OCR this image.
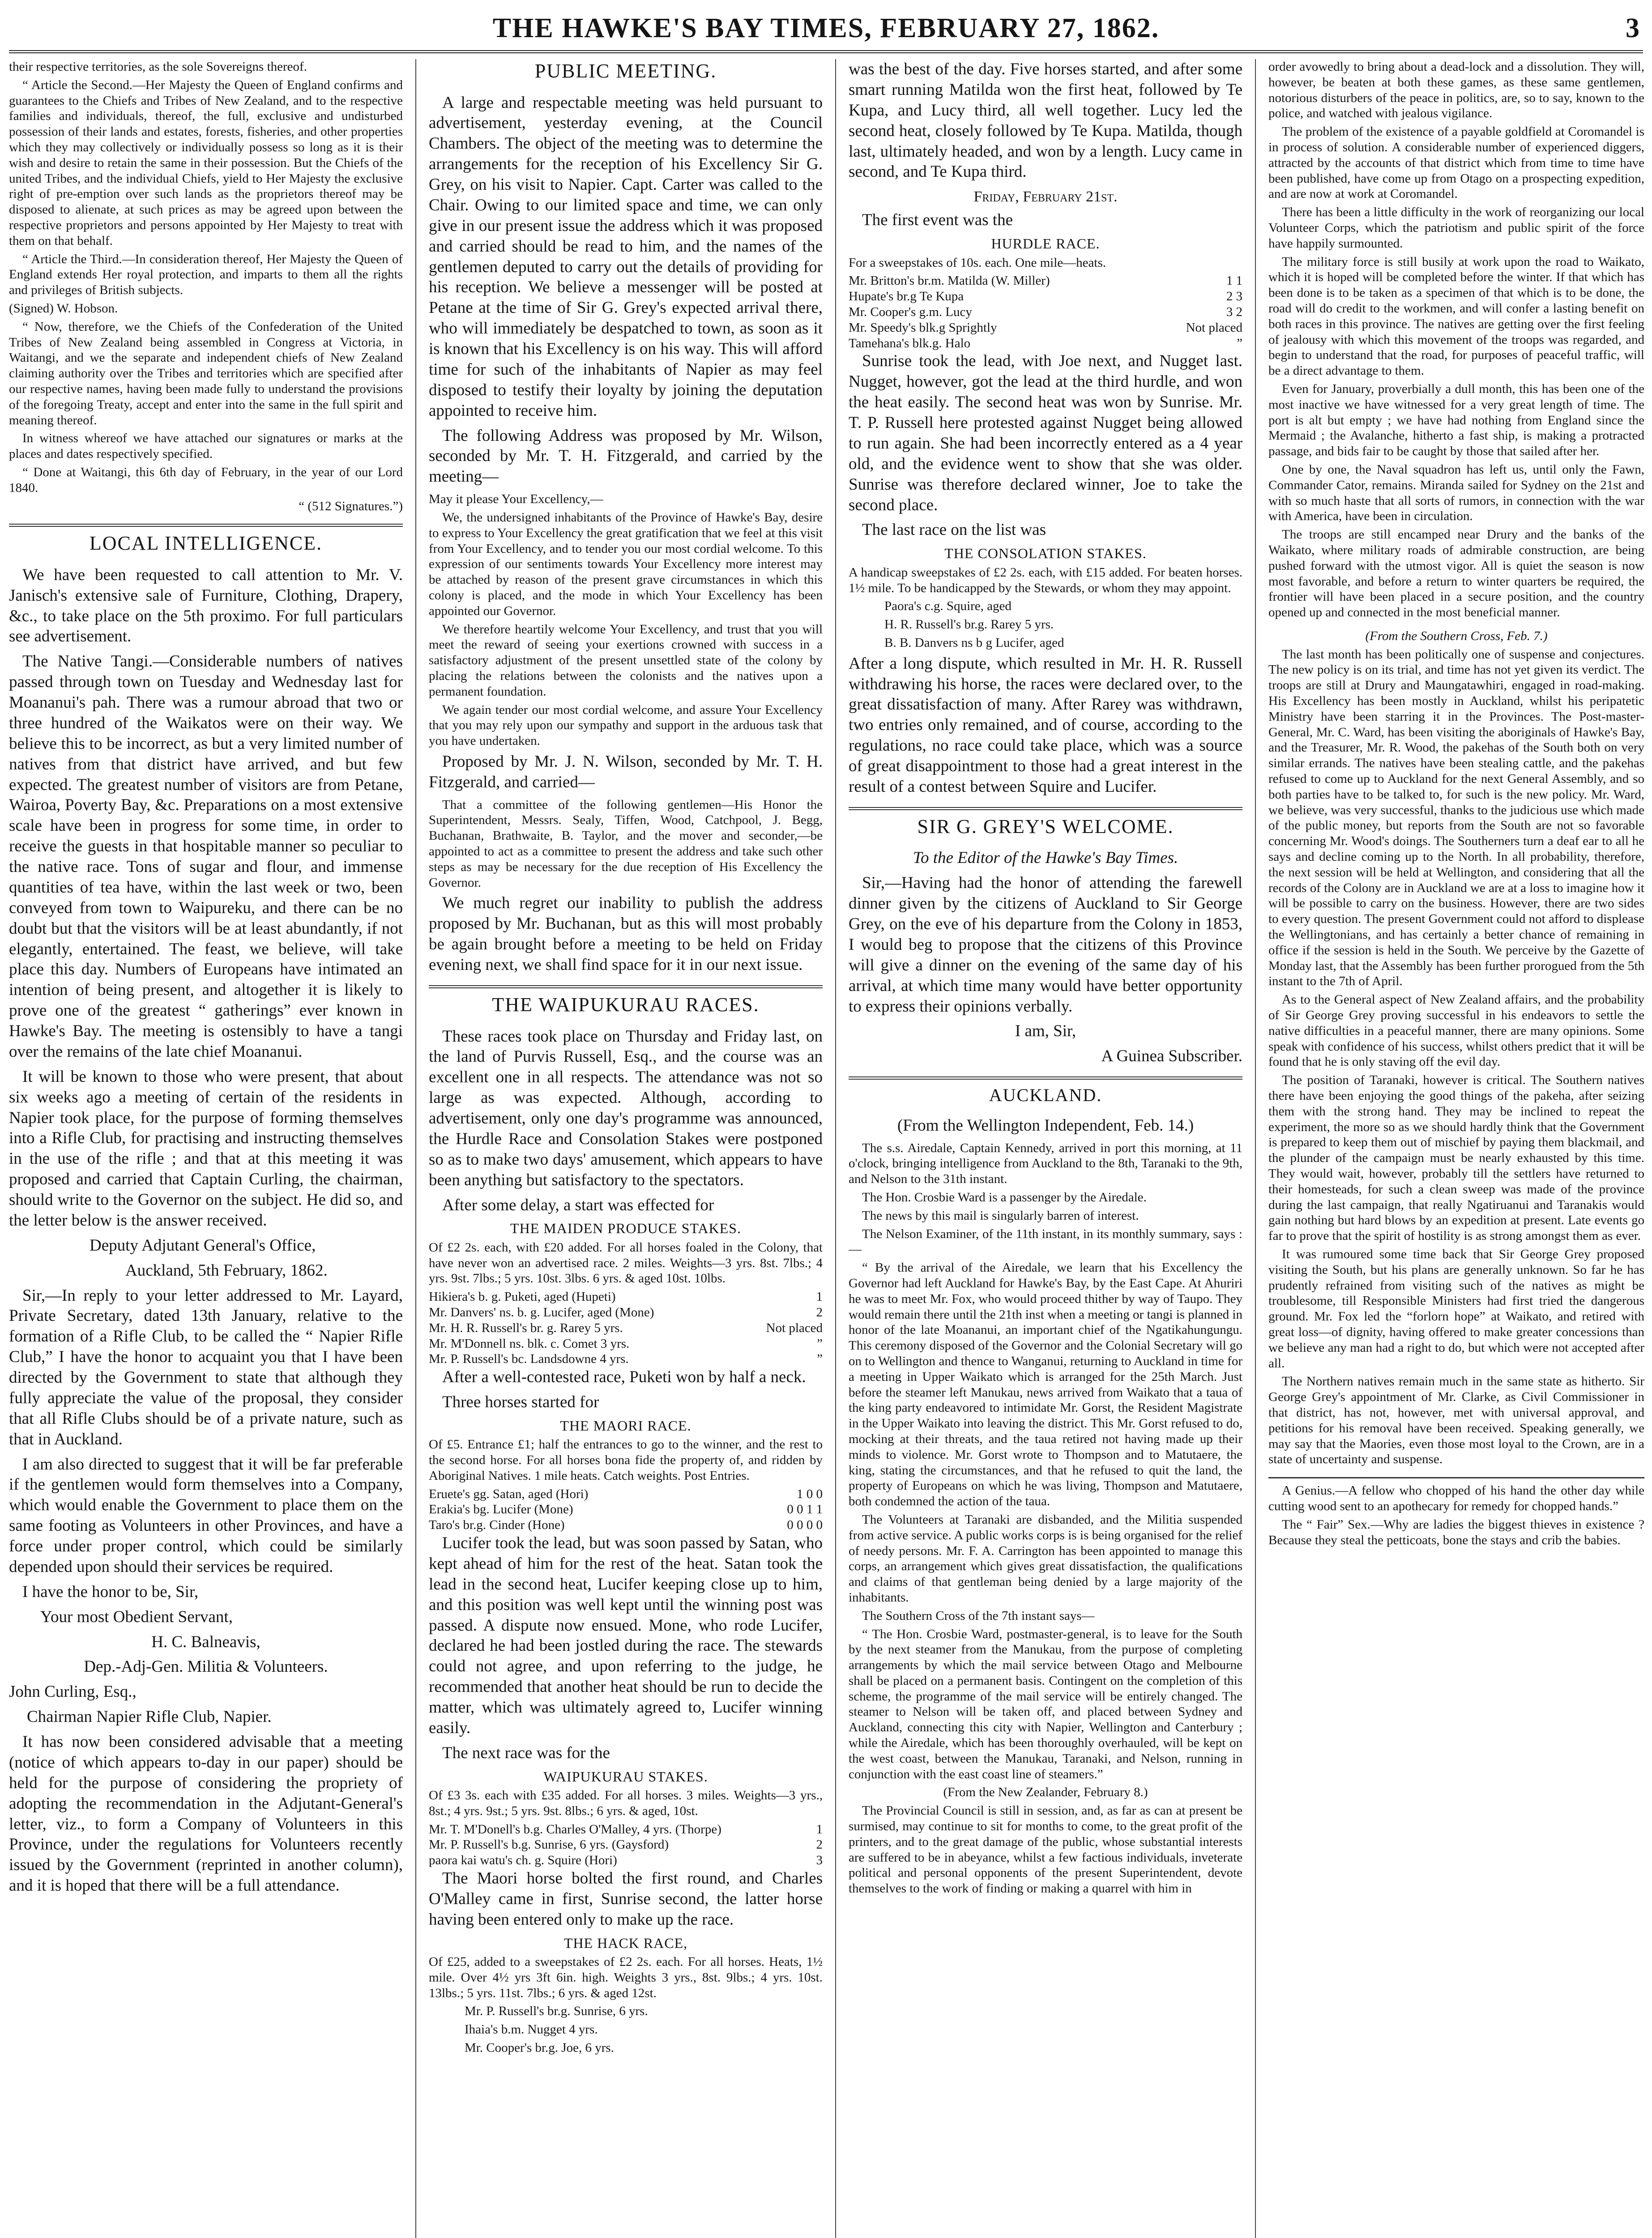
THE HAWKE'S BAY TIMES, FEBRUARY 27, 1862.	3

their respective territories, as the sole Sovereigns thereof.

“ Article the Second.—Her Majesty the Queen of England confirms and guarantees to the Chiefs and Tribes of New Zealand, and to the respective families and individuals, thereof, the full, exclusive and undisturbed possession of their lands and estates, forests, fisheries, and other properties which they may collectively or individually possess so long as it is their wish and desire to retain the same in their possession. But the Chiefs of the united Tribes, and the individual Chiefs, yield to Her Majesty the exclusive right of pre-emption over such lands as the proprietors thereof may be disposed to alienate, at such prices as may be agreed upon between the respective proprietors and persons appointed by Her Majesty to treat with them on that behalf.

“ Article the Third.—In consideration thereof, Her Majesty the Queen of England extends Her royal protection, and imparts to them all the rights and privileges of British subjects.

(Signed) W. Hobson.

“ Now, therefore, we the Chiefs of the Confederation of the United Tribes of New Zealand being assembled in Congress at Victoria, in Waitangi, and we the separate and independent chiefs of New Zealand claiming authority over the Tribes and territories which are specified after our respective names, having been made fully to understand the provisions of the foregoing Treaty, accept and enter into the same in the full spirit and meaning thereof.

In witness whereof we have attached our signatures or marks at the places and dates respectively specified.

“ Done at Waitangi, this 6th day of February, in the year of our Lord 1840.

“ (512 Signatures.”)

LOCAL INTELLIGENCE.

We have been requested to call attention to Mr. V. Janisch's extensive sale of Furniture, Clothing, Drapery, &c., to take place on the 5th proximo. For full particulars see advertisement.

The Native Tangi.—Considerable numbers of natives passed through town on Tuesday and Wednesday last for Moananui's pah. There was a rumour abroad that two or three hundred of the Waikatos were on their way. We believe this to be incorrect, as but a very limited number of natives from that district have arrived, and but few expected. The greatest number of visitors are from Petane, Wairoa, Poverty Bay, &c. Preparations on a most extensive scale have been in progress for some time, in order to receive the guests in that hospitable manner so peculiar to the native race. Tons of sugar and flour, and immense quantities of tea have, within the last week or two, been conveyed from town to Waipureku, and there can be no doubt but that the visitors will be at least abundantly, if not elegantly, entertained. The feast, we believe, will take place this day. Numbers of Europeans have intimated an intention of being present, and altogether it is likely to prove one of the greatest “ gatherings” ever known in Hawke's Bay. The meeting is ostensibly to have a tangi over the remains of the late chief Moananui.

It will be known to those who were present, that about six weeks ago a meeting of certain of the residents in Napier took place, for the purpose of forming themselves into a Rifle Club, for practising and instructing themselves in the use of the rifle ; and that at this meeting it was proposed and carried that Captain Curling, the chairman, should write to the Governor on the subject. He did so, and the letter below is the answer received.

Deputy Adjutant General's Office,

Auckland, 5th February, 1862.

Sir,—In reply to your letter addressed to Mr. Layard, Private Secretary, dated 13th January, relative to the formation of a Rifle Club, to be called the “ Napier Rifle Club,” I have the honor to acquaint you that I have been directed by the Government to state that although they fully appreciate the value of the proposal, they consider that all Rifle Clubs should be of a private nature, such as that in Auckland.

I am also directed to suggest that it will be far preferable if the gentlemen would form themselves into a Company, which would enable the Government to place them on the same footing as Volunteers in other Provinces, and have a force under proper control, which could be similarly depended upon should their services be required.

I have the honor to be, Sir,

Your most Obedient Servant,

H. C. Balneavis,

Dep.-Adj-Gen. Militia & Volunteers.

John Curling, Esq.,

Chairman Napier Rifle Club, Napier.

It has now been considered advisable that a meeting (notice of which appears to-day in our paper) should be held for the purpose of considering the propriety of adopting the recommendation in the Adjutant-General's letter, viz., to form a Company of Volunteers in this Province, under the regulations for Volunteers recently issued by the Government (reprinted in another column), and it is hoped that there will be a full attendance.

PUBLIC MEETING.

A large and respectable meeting was held pursuant to advertisement, yesterday evening, at the Council Chambers. The object of the meeting was to determine the arrangements for the reception of his Excellency Sir G. Grey, on his visit to Napier. Capt. Carter was called to the Chair. Owing to our limited space and time, we can only give in our present issue the address which it was proposed and carried should be read to him, and the names of the gentlemen deputed to carry out the details of providing for his reception. We believe a messenger will be posted at Petane at the time of Sir G. Grey's expected arrival there, who will immediately be despatched to town, as soon as it is known that his Excellency is on his way. This will afford time for such of the inhabitants of Napier as may feel disposed to testify their loyalty by joining the deputation appointed to receive him.

The following Address was proposed by Mr. Wilson, seconded by Mr. T. H. Fitzgerald, and carried by the meeting—

May it please Your Excellency,—

We, the undersigned inhabitants of the Province of Hawke's Bay, desire to express to Your Excellency the great gratification that we feel at this visit from Your Excellency, and to tender you our most cordial welcome. To this expression of our sentiments towards Your Excellency more interest may be attached by reason of the present grave circumstances in which this colony is placed, and the mode in which Your Excellency has been appointed our Governor.

We therefore heartily welcome Your Excellency, and trust that you will meet the reward of seeing your exertions crowned with success in a satisfactory adjustment of the present unsettled state of the colony by placing the relations between the colonists and the natives upon a permanent foundation.

We again tender our most cordial welcome, and assure Your Excellency that you may rely upon our sympathy and support in the arduous task that you have undertaken.

Proposed by Mr. J. N. Wilson, seconded by Mr. T. H. Fitzgerald, and carried—

That a committee of the following gentlemen—His Honor the Superintendent, Messrs. Sealy, Tiffen, Wood, Catchpool, J. Begg, Buchanan, Brathwaite, B. Taylor, and the mover and seconder,—be appointed to act as a committee to present the address and take such other steps as may be necessary for the due reception of His Excellency the Governor.

We much regret our inability to publish the address proposed by Mr. Buchanan, but as this will most probably be again brought before a meeting to be held on Friday evening next, we shall find space for it in our next issue.

THE WAIPUKURAU RACES.

These races took place on Thursday and Friday last, on the land of Purvis Russell, Esq., and the course was an excellent one in all respects. The attendance was not so large as was expected. Although, according to advertisement, only one day's programme was announced, the Hurdle Race and Consolation Stakes were postponed so as to make two days' amusement, which appears to have been anything but satisfactory to the spectators.

After some delay, a start was effected for

THE MAIDEN PRODUCE STAKES.

Of £2 2s. each, with £20 added. For all horses foaled in the Colony, that have never won an advertised race. 2 miles. Weights—3 yrs. 8st. 7lbs.; 4 yrs. 9st. 7lbs.; 5 yrs. 10st. 3lbs. 6 yrs. & aged 10st. 10lbs.

Hikiera's b. g. Puketi, aged (Hupeti)	1
Mr. Danvers' ns. b. g. Lucifer, aged (Mone)	2
Mr. H. R. Russell's br. g. Rarey 5 yrs.	Not placed
Mr. M'Donnell ns. blk. c. Comet 3 yrs.	”
Mr. P. Russell's bc. Landsdowne 4 yrs.	”

After a well-contested race, Puketi won by half a neck.

Three horses started for

THE MAORI RACE.

Of £5. Entrance £1; half the entrances to go to the winner, and the rest to the second horse. For all horses bona fide the property of, and ridden by Aboriginal Natives. 1 mile heats. Catch weights. Post Entries.

Eruete's gg. Satan, aged (Hori)	1 0 0
Erakia's bg. Lucifer (Mone)	0 0 1 1
Taro's br.g. Cinder (Hone)	0 0 0 0

Lucifer took the lead, but was soon passed by Satan, who kept ahead of him for the rest of the heat. Satan took the lead in the second heat, Lucifer keeping close up to him, and this position was well kept until the winning post was passed. A dispute now ensued. Mone, who rode Lucifer, declared he had been jostled during the race. The stewards could not agree, and upon referring to the judge, he recommended that another heat should be run to decide the matter, which was ultimately agreed to, Lucifer winning easily.

The next race was for the

WAIPUKURAU STAKES.

Of £3 3s. each with £35 added. For all horses. 3 miles. Weights—3 yrs., 8st.; 4 yrs. 9st.; 5 yrs. 9st. 8lbs.; 6 yrs. & aged, 10st.

Mr. T. M'Donell's b.g. Charles O'Malley, 4 yrs. (Thorpe)	1
Mr. P. Russell's b.g. Sunrise, 6 yrs. (Gaysford)	2
paora kai watu's ch. g. Squire (Hori)	3

The Maori horse bolted the first round, and Charles O'Malley came in first, Sunrise second, the latter horse having been entered only to make up the race.

THE HACK RACE,

Of £25, added to a sweepstakes of £2 2s. each. For all horses. Heats, 1½ mile. Over 4½ yrs 3ft 6in. high. Weights 3 yrs., 8st. 9lbs.; 4 yrs. 10st. 13lbs.; 5 yrs. 11st. 7lbs.; 6 yrs. & aged 12st.

Mr. P. Russell's br.g. Sunrise, 6 yrs.

Ihaia's b.m. Nugget 4 yrs.

Mr. Cooper's br.g. Joe, 6 yrs.

was the best of the day. Five horses started, and after some smart running Matilda won the first heat, followed by Te Kupa, and Lucy third, all well together. Lucy led the second heat, closely followed by Te Kupa. Matilda, though last, ultimately headed, and won by a length. Lucy came in second, and Te Kupa third.

Friday, February 21st.

The first event was the

HURDLE RACE.

For a sweepstakes of 10s. each. One mile—heats.

Mr. Britton's br.m. Matilda (W. Miller)	1 1
Hupate's br.g Te Kupa	2 3
Mr. Cooper's g.m. Lucy	3 2
Mr. Speedy's blk.g Sprightly	Not placed
Tamehana's blk.g. Halo	”

Sunrise took the lead, with Joe next, and Nugget last. Nugget, however, got the lead at the third hurdle, and won the heat easily. The second heat was won by Sunrise. Mr. T. P. Russell here protested against Nugget being allowed to run again. She had been incorrectly entered as a 4 year old, and the evidence went to show that she was older. Sunrise was therefore declared winner, Joe to take the second place.

The last race on the list was

THE CONSOLATION STAKES.

A handicap sweepstakes of £2 2s. each, with £15 added. For beaten horses. 1½ mile. To be handicapped by the Stewards, or whom they may appoint.

Paora's c.g. Squire, aged

H. R. Russell's br.g. Rarey 5 yrs.

B. B. Danvers ns b g Lucifer, aged

After a long dispute, which resulted in Mr. H. R. Russell withdrawing his horse, the races were declared over, to the great dissatisfaction of many. After Rarey was withdrawn, two entries only remained, and of course, according to the regulations, no race could take place, which was a source of great disappointment to those had a great interest in the result of a contest between Squire and Lucifer.

SIR G. GREY'S WELCOME.

To the Editor of the Hawke's Bay Times.

Sir,—Having had the honor of attending the farewell dinner given by the citizens of Auckland to Sir George Grey, on the eve of his departure from the Colony in 1853, I would beg to propose that the citizens of this Province will give a dinner on the evening of the same day of his arrival, at which time many would have better opportunity to express their opinions verbally.

I am, Sir,

A Guinea Subscriber.

AUCKLAND.

(From the Wellington Independent, Feb. 14.)

The s.s. Airedale, Captain Kennedy, arrived in port this morning, at 11 o'clock, bringing intelligence from Auckland to the 8th, Taranaki to the 9th, and Nelson to the 31th instant.

The Hon. Crosbie Ward is a passenger by the Airedale.

The news by this mail is singularly barren of interest.

The Nelson Examiner, of the 11th instant, in its monthly summary, says :—

“ By the arrival of the Airedale, we learn that his Excellency the Governor had left Auckland for Hawke's Bay, by the East Cape. At Ahuriri he was to meet Mr. Fox, who would proceed thither by way of Taupo. They would remain there until the 21th inst when a meeting or tangi is planned in honor of the late Moananui, an important chief of the Ngatikahungungu. This ceremony disposed of the Governor and the Colonial Secretary will go on to Wellington and thence to Wanganui, returning to Auckland in time for a meeting in Upper Waikato which is arranged for the 25th March. Just before the steamer left Manukau, news arrived from Waikato that a taua of the king party endeavored to intimidate Mr. Gorst, the Resident Magistrate in the Upper Waikato into leaving the district. This Mr. Gorst refused to do, mocking at their threats, and the taua retired not having made up their minds to violence. Mr. Gorst wrote to Thompson and to Matutaere, the king, stating the circumstances, and that he refused to quit the land, the property of Europeans on which he was living, Thompson and Matutaere, both condemned the action of the taua.

The Volunteers at Taranaki are disbanded, and the Militia suspended from active service. A public works corps is is being organised for the relief of needy persons. Mr. F. A. Carrington has been appointed to manage this corps, an arrangement which gives great dissatisfaction, the qualifications and claims of that gentleman being denied by a large majority of the inhabitants.

The Southern Cross of the 7th instant says—

“ The Hon. Crosbie Ward, postmaster-general, is to leave for the South by the next steamer from the Manukau, from the purpose of completing arrangements by which the mail service between Otago and Melbourne shall be placed on a permanent basis. Contingent on the completion of this scheme, the programme of the mail service will be entirely changed. The steamer to Nelson will be taken off, and placed between Sydney and Auckland, connecting this city with Napier, Wellington and Canterbury ; while the Airedale, which has been thoroughly overhauled, will be kept on the west coast, between the Manukau, Taranaki, and Nelson, running in conjunction with the east coast line of steamers.”

(From the New Zealander, February 8.)

The Provincial Council is still in session, and, as far as can at present be surmised, may continue to sit for months to come, to the great profit of the printers, and to the great damage of the public, whose substantial interests are suffered to be in abeyance, whilst a few factious individuals, inveterate political and personal opponents of the present Superintendent, devote themselves to the work of finding or making a quarrel with him in

order avowedly to bring about a dead-lock and a dissolution. They will, however, be beaten at both these games, as these same gentlemen, notorious disturbers of the peace in politics, are, so to say, known to the police, and watched with jealous vigilance.

The problem of the existence of a payable goldfield at Coromandel is in process of solution. A considerable number of experienced diggers, attracted by the accounts of that district which from time to time have been published, have come up from Otago on a prospecting expedition, and are now at work at Coromandel.

There has been a little difficulty in the work of reorganizing our local Volunteer Corps, which the patriotism and public spirit of the force have happily surmounted.

The military force is still busily at work upon the road to Waikato, which it is hoped will be completed before the winter. If that which has been done is to be taken as a specimen of that which is to be done, the road will do credit to the workmen, and will confer a lasting benefit on both races in this province. The natives are getting over the first feeling of jealousy with which this movement of the troops was regarded, and begin to understand that the road, for purposes of peaceful traffic, will be a direct advantage to them.

Even for January, proverbially a dull month, this has been one of the most inactive we have witnessed for a very great length of time. The port is alt but empty ; we have had nothing from England since the Mermaid ; the Avalanche, hitherto a fast ship, is making a protracted passage, and bids fair to be caught by those that sailed after her.

One by one, the Naval squadron has left us, until only the Fawn, Commander Cator, remains. Miranda sailed for Sydney on the 21st and with so much haste that all sorts of rumors, in connection with the war with America, have been in circulation.

The troops are still encamped near Drury and the banks of the Waikato, where military roads of admirable construction, are being pushed forward with the utmost vigor. All is quiet the season is now most favorable, and before a return to winter quarters be required, the frontier will have been placed in a secure position, and the country opened up and connected in the most beneficial manner.

(From the Southern Cross, Feb. 7.)

The last month has been politically one of suspense and conjectures. The new policy is on its trial, and time has not yet given its verdict. The troops are still at Drury and Maungatawhiri, engaged in road-making. His Excellency has been mostly in Auckland, whilst his peripatetic Ministry have been starring it in the Provinces. The Post-master-General, Mr. C. Ward, has been visiting the aboriginals of Hawke's Bay, and the Treasurer, Mr. R. Wood, the pakehas of the South both on very similar errands. The natives have been stealing cattle, and the pakehas refused to come up to Auckland for the next General Assembly, and so both parties have to be talked to, for such is the new policy. Mr. Ward, we believe, was very successful, thanks to the judicious use which made of the public money, but reports from the South are not so favorable concerning Mr. Wood's doings. The Southerners turn a deaf ear to all he says and decline coming up to the North. In all probability, therefore, the next session will be held at Wellington, and considering that all the records of the Colony are in Auckland we are at a loss to imagine how it will be possible to carry on the business. However, there are two sides to every question. The present Government could not afford to displease the Wellingtonians, and has certainly a better chance of remaining in office if the session is held in the South. We perceive by the Gazette of Monday last, that the Assembly has been further prorogued from the 5th instant to the 7th of April.

As to the General aspect of New Zealand affairs, and the probability of Sir George Grey proving successful in his endeavors to settle the native difficulties in a peaceful manner, there are many opinions. Some speak with confidence of his success, whilst others predict that it will be found that he is only staving off the evil day.

The position of Taranaki, however is critical. The Southern natives there have been enjoying the good things of the pakeha, after seizing them with the strong hand. They may be inclined to repeat the experiment, the more so as we should hardly think that the Government is prepared to keep them out of mischief by paying them blackmail, and the plunder of the campaign must be nearly exhausted by this time. They would wait, however, probably till the settlers have returned to their homesteads, for such a clean sweep was made of the province during the last campaign, that really Ngatiruanui and Taranakis would gain nothing but hard blows by an expedition at present. Late events go far to prove that the spirit of hostility is as strong amongst them as ever.

It was rumoured some time back that Sir George Grey proposed visiting the South, but his plans are generally unknown. So far he has prudently refrained from visiting such of the natives as might be troublesome, till Responsible Ministers had first tried the dangerous ground. Mr. Fox led the “forlorn hope” at Waikato, and retired with great loss—of dignity, having offered to make greater concessions than we believe any man had a right to do, but which were not accepted after all.

The Northern natives remain much in the same state as hitherto. Sir George Grey's appointment of Mr. Clarke, as Civil Commissioner in that district, has not, however, met with universal approval, and petitions for his removal have been received. Speaking generally, we may say that the Maories, even those most loyal to the Crown, are in a state of uncertainty and suspense.

A Genius.—A fellow who chopped of his hand the other day while cutting wood sent to an apothecary for remedy for chopped hands.”

The “ Fair” Sex.—Why are ladies the biggest thieves in existence ? Because they steal the petticoats, bone the stays and crib the babies.
